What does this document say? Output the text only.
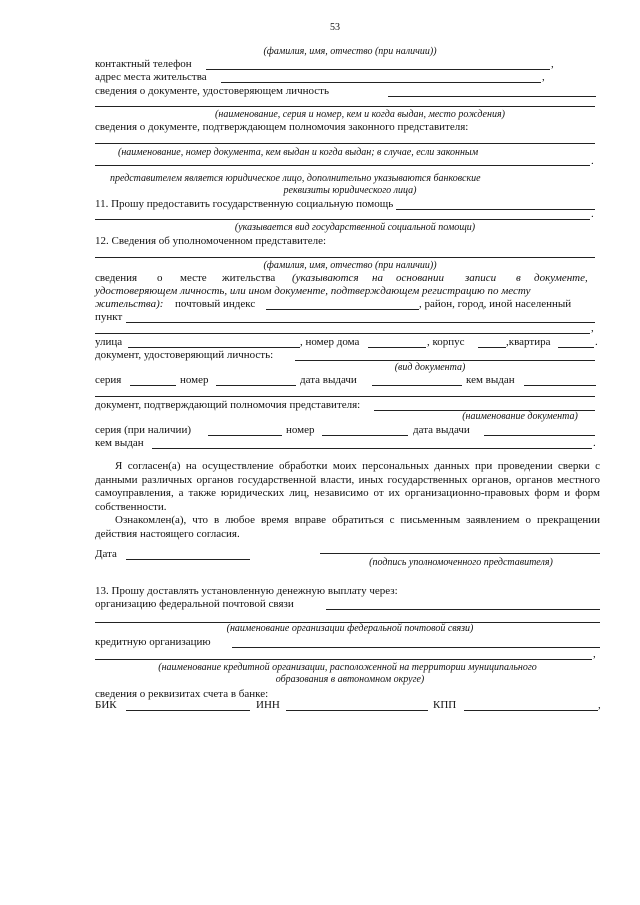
53
(фамилия, имя, отчество (при наличии))
контактный телефон	,
адрес места жительства	,
сведения о документе, удостоверяющем личность
(наименование, серия и номер, кем и когда выдан, место рождения)
сведения о документе, подтверждающем полномочия законного представителя:
(наименование, номер документа, кем выдан и когда выдан; в случае, если законным
.
представителем является юридическое лицо, дополнительно указываются банковские
реквизиты юридического лица)
11. Прошу предоставить государственную социальную помощь
.
(указывается вид государственной социальной помощи)
12. Сведения об уполномоченном представителе:
(фамилия, имя, отчество (при наличии))
сведения о месте жительства (указываются на основании записи в документе,
удостоверяющем личность, или ином документе, подтверждающем регистрацию по месту
жительства): почтовый индекс	, район, город, иной населенный
пункт
,
улица	, номер дома	, корпус	,квартира	.
документ, удостоверяющий личность:
(вид документа)
серия	номер	дата выдачи	кем выдан
документ, подтверждающий полномочия представителя:
(наименование документа)
серия (при наличии)	номер	дата выдачи
кем выдан	.
Я согласен(а) на осуществление обработки моих персональных данных при проведении сверки с данными различных органов государственной власти, иных государственных органов, органов местного самоуправления, а также юридических лиц, независимо от их организационно-правовых форм и форм собственности.
Ознакомлен(а), что в любое время вправе обратиться с письменным заявлением о прекращении действия настоящего согласия.
Дата
(подпись уполномоченного представителя)
13. Прошу доставлять установленную денежную выплату через:
организацию федеральной почтовой связи
(наименование организации федеральной почтовой связи)
кредитную организацию
,
(наименование кредитной организации, расположенной на территории муниципального
образования в автономном округе)
сведения о реквизитах счета в банке:
БИК	ИНН	КПП	,
